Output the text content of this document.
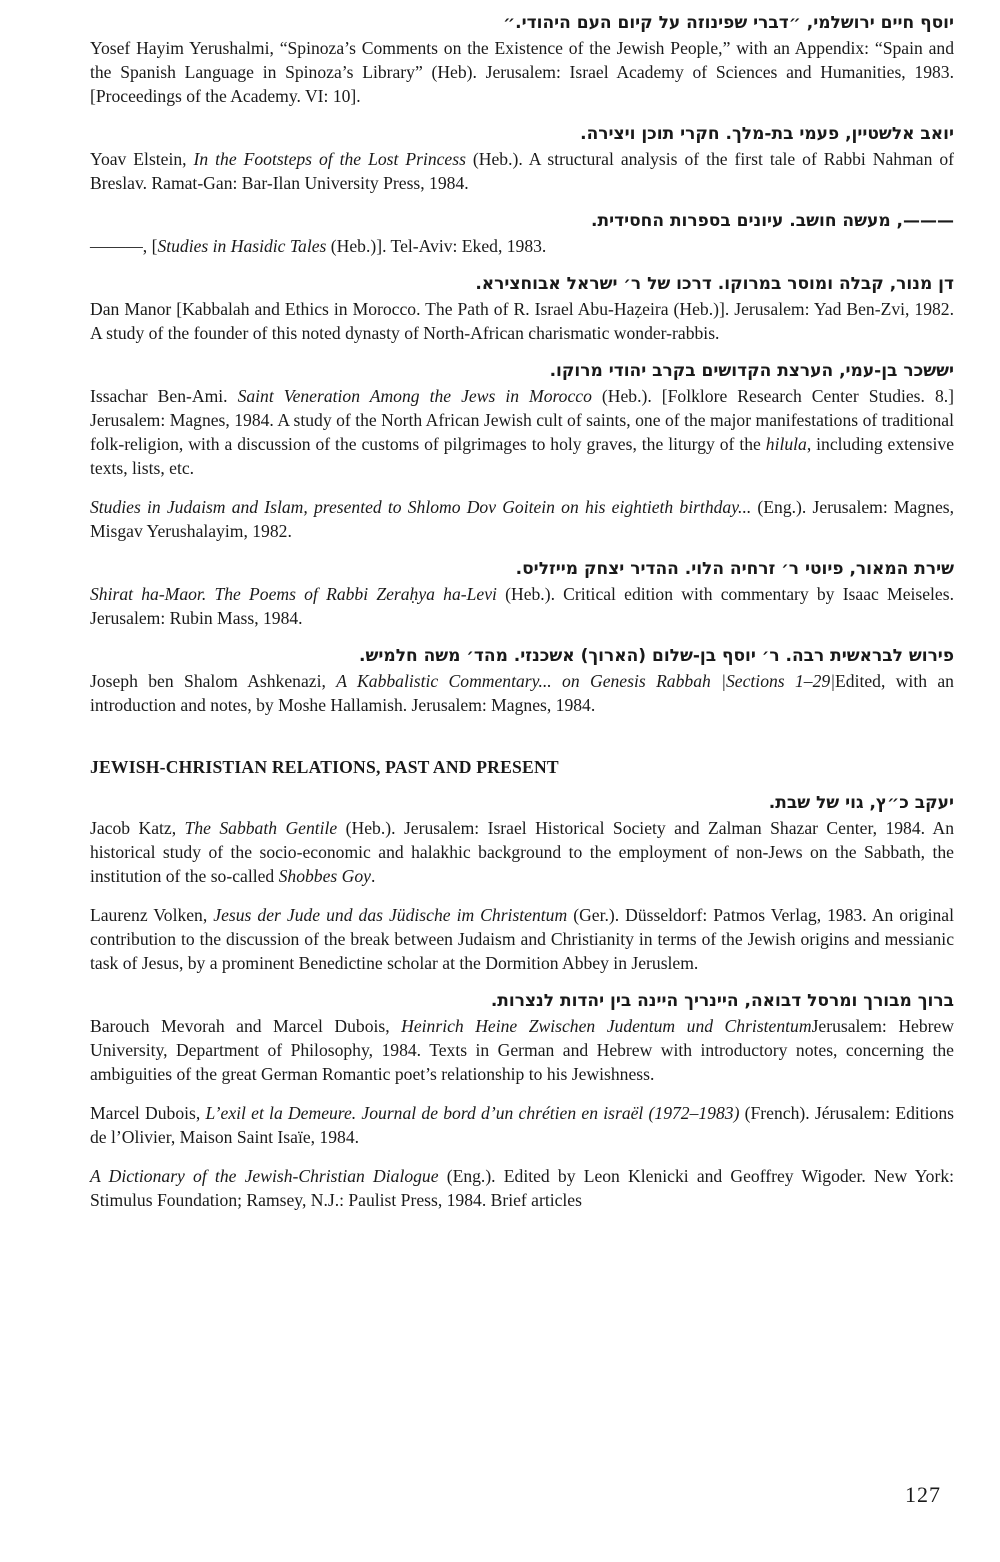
יוסף חיים ירושלמי, ״דברי שפינוזה על קיום העם היהודי.״

Yosef Hayim Yerushalmi, “Spinoza’s Comments on the Existence of the Jewish People,” with an Appendix: “Spain and the Spanish Language in Spinoza’s Library” (Heb). Jerusalem: Israel Academy of Sciences and Humanities, 1983. [Proceedings of the Academy. VI: 10].

יואב אלשטיין, פעמי בת-מלך. חקרי תוכן ויצירה.

Yoav Elstein, In the Footsteps of the Lost Princess (Heb.). A structural analysis of the first tale of Rabbi Nahman of Breslav. Ramat-Gan: Bar-Ilan University Press, 1984.

———, מעשה חושב. עיונים בספרות החסידית.

———, [Studies in Hasidic Tales (Heb.)]. Tel-Aviv: Eked, 1983.

דן מנור, קבלה ומוסר במרוקו. דרכו של ר׳ ישראל אבוחצירא.

Dan Manor [Kabbalah and Ethics in Morocco. The Path of R. Israel Abu-Haẓeira (Heb.)]. Jerusalem: Yad Ben-Zvi, 1982. A study of the founder of this noted dynasty of North-African charismatic wonder-rabbis.

יששכר בן-עמי, הערצת הקדושים בקרב יהודי מרוקו.

Issachar Ben-Ami. Saint Veneration Among the Jews in Morocco (Heb.). [Folklore Research Center Studies. 8.] Jerusalem: Magnes, 1984. A study of the North African Jewish cult of saints, one of the major manifestations of traditional folk-religion, with a discussion of the customs of pilgrimages to holy graves, the liturgy of the hilula, including extensive texts, lists, etc.

Studies in Judaism and Islam, presented to Shlomo Dov Goitein on his eightieth birthday... (Eng.). Jerusalem: Magnes, Misgav Yerushalayim, 1982.

שירת המאור, פיוטי ר׳ זרחיה הלוי. ההדיר יצחק מייזליס.

Shirat ha-Maor. The Poems of Rabbi Zeraḥya ha-Levi (Heb.). Critical edition with commentary by Isaac Meiseles. Jerusalem: Rubin Mass, 1984.

פירוש לבראשית רבה. ר׳ יוסף בן-שלום (הארוך) אשכנזי. מהד׳ משה חלמיש.

Joseph ben Shalom Ashkenazi, A Kabbalistic Commentary... on Genesis Rabbah |Sections 1–29|Edited, with an introduction and notes, by Moshe Hallamish. Jerusalem: Magnes, 1984.

JEWISH-CHRISTIAN RELATIONS, PAST AND PRESENT
יעקב כ״ץ, גוי של שבת.

Jacob Katz, The Sabbath Gentile (Heb.). Jerusalem: Israel Historical Society and Zalman Shazar Center, 1984. An historical study of the socio-economic and halakhic background to the employment of non-Jews on the Sabbath, the institution of the so-called Shobbes Goy.

Laurenz Volken, Jesus der Jude und das Jüdische im Christentum (Ger.). Düsseldorf: Patmos Verlag, 1983. An original contribution to the discussion of the break between Judaism and Christianity in terms of the Jewish origins and messianic task of Jesus, by a prominent Benedictine scholar at the Dormition Abbey in Jeruslem.

ברוך מבורך ומרסל דבואה, היינריך היינה בין יהדות לנצרות.

Barouch Mevorah and Marcel Dubois, Heinrich Heine Zwischen Judentum und ChristentumJerusalem: Hebrew University, Department of Philosophy, 1984. Texts in German and Hebrew with introductory notes, concerning the ambiguities of the great German Romantic poet’s relationship to his Jewishness.

Marcel Dubois, L’exil et la Demeure. Journal de bord d’un chrétien en israël (1972–1983) (French). Jérusalem: Editions de l’Olivier, Maison Saint Isaïe, 1984.

A Dictionary of the Jewish-Christian Dialogue (Eng.). Edited by Leon Klenicki and Geoffrey Wigoder. New York: Stimulus Foundation; Ramsey, N.J.: Paulist Press, 1984. Brief articles

127
